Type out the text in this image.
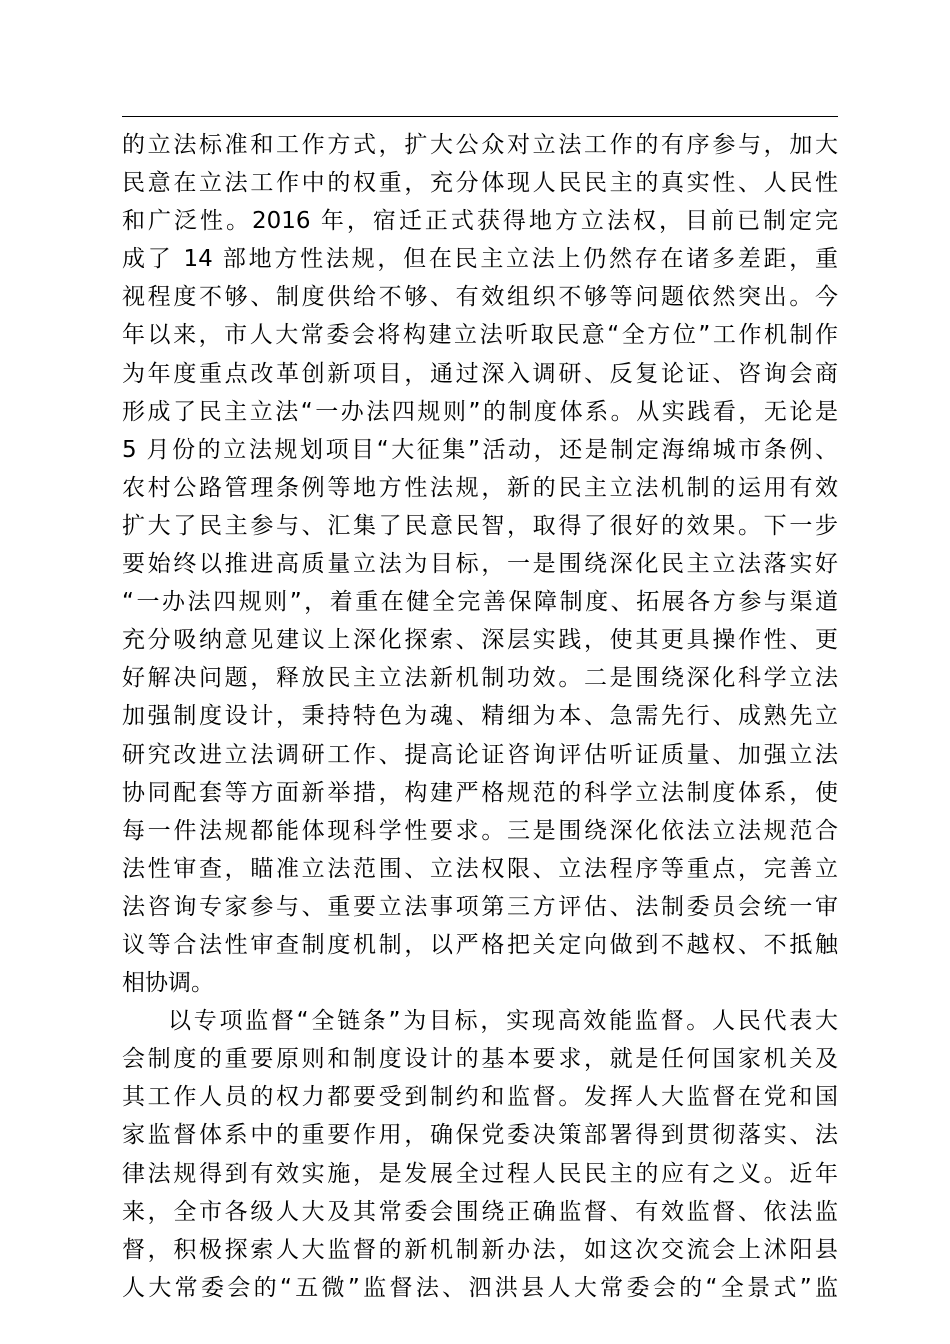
的立法标准和工作方式，扩大公众对立法工作的有序参与，加大
民意在立法工作中的权重，充分体现人民民主的真实性、人民性
和广泛性。2016 年，宿迁正式获得地方立法权，目前已制定完
成了 14 部地方性法规，但在民主立法上仍然存在诸多差距，重
视程度不够、制度供给不够、有效组织不够等问题依然突出。今
年以来，市人大常委会将构建立法听取民意“全方位”工作机制作
为年度重点改革创新项目，通过深入调研、反复论证、咨询会商
形成了民主立法“一办法四规则”的制度体系。从实践看，无论是
5 月份的立法规划项目“大征集”活动，还是制定海绵城市条例、
农村公路管理条例等地方性法规，新的民主立法机制的运用有效
扩大了民主参与、汇集了民意民智，取得了很好的效果。下一步
要始终以推进高质量立法为目标，一是围绕深化民主立法落实好
“一办法四规则”，着重在健全完善保障制度、拓展各方参与渠道
充分吸纳意见建议上深化探索、深层实践，使其更具操作性、更
好解决问题，释放民主立法新机制功效。二是围绕深化科学立法
加强制度设计，秉持特色为魂、精细为本、急需先行、成熟先立
研究改进立法调研工作、提高论证咨询评估听证质量、加强立法
协同配套等方面新举措，构建严格规范的科学立法制度体系，使
每一件法规都能体现科学性要求。三是围绕深化依法立法规范合
法性审查，瞄准立法范围、立法权限、立法程序等重点，完善立
法咨询专家参与、重要立法事项第三方评估、法制委员会统一审
议等合法性审查制度机制，以严格把关定向做到不越权、不抵触
相协调。
以专项监督“全链条”为目标，实现高效能监督。人民代表大
会制度的重要原则和制度设计的基本要求，就是任何国家机关及
其工作人员的权力都要受到制约和监督。发挥人大监督在党和国
家监督体系中的重要作用，确保党委决策部署得到贯彻落实、法
律法规得到有效实施，是发展全过程人民民主的应有之义。近年
来，全市各级人大及其常委会围绕正确监督、有效监督、依法监
督，积极探索人大监督的新机制新办法，如这次交流会上沭阳县
人大常委会的“五微”监督法、泗洪县人大常委会的“全景式”监
